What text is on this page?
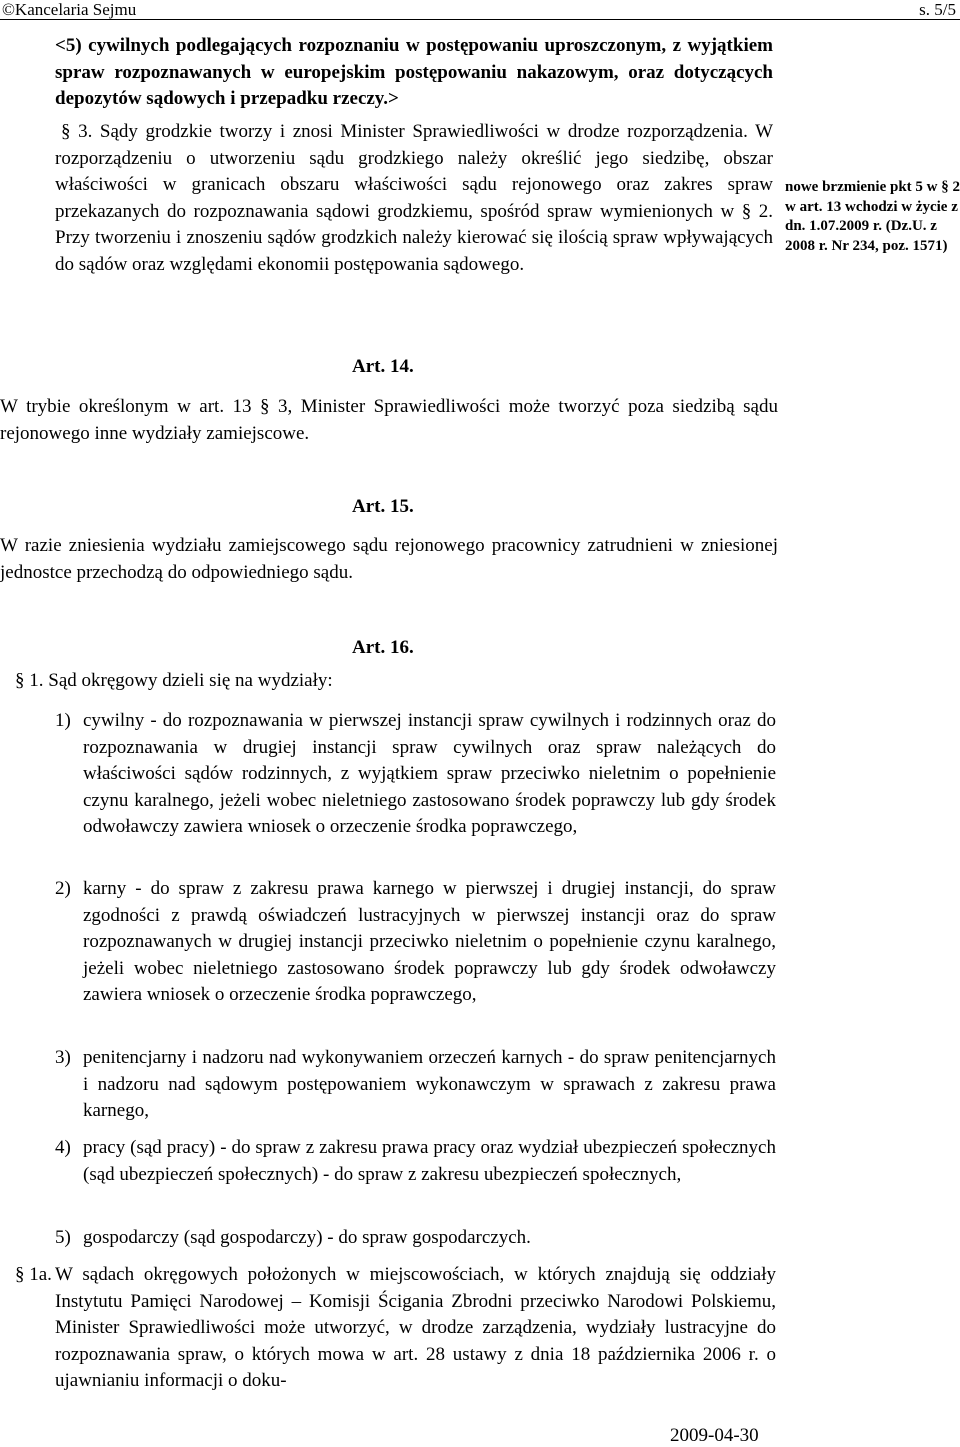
©Kancelaria Sejmu	s. 5/5
<5) cywilnych podlegających rozpoznaniu w postępowaniu uproszczonym, z wyjątkiem spraw rozpoznawanych w europejskim postępowaniu nakazowym, oraz dotyczących depozytów sądowych i przepadku rzeczy.>
§ 3. Sądy grodzkie tworzy i znosi Minister Sprawiedliwości w drodze rozporządzenia. W rozporządzeniu o utworzeniu sądu grodzkiego należy określić jego siedzibę, obszar właściwości w granicach obszaru właściwości sądu rejonowego oraz zakres spraw przekazanych do rozpoznawania sądowi grodzkiemu, spośród spraw wymienionych w § 2. Przy tworzeniu i znoszeniu sądów grodzkich należy kierować się ilością spraw wpływających do sądów oraz względami ekonomii postępowania sądowego.
nowe brzmienie pkt 5 w § 2 w art. 13 wchodzi w życie z dn. 1.07.2009 r. (Dz.U. z 2008 r. Nr 234, poz. 1571)
Art. 14.
W trybie określonym w art. 13 § 3, Minister Sprawiedliwości może tworzyć poza siedzibą sądu rejonowego inne wydziały zamiejscowe.
Art. 15.
W razie zniesienia wydziału zamiejscowego sądu rejonowego pracownicy zatrudnieni w zniesionej jednostce przechodzą do odpowiedniego sądu.
Art. 16.
§ 1. Sąd okręgowy dzieli się na wydziały:
1) cywilny - do rozpoznawania w pierwszej instancji spraw cywilnych i rodzinnych oraz do rozpoznawania w drugiej instancji spraw cywilnych oraz spraw należących do właściwości sądów rodzinnych, z wyjątkiem spraw przeciwko nieletnim o popełnienie czynu karalnego, jeżeli wobec nieletniego zastosowano środek poprawczy lub gdy środek odwoławczy zawiera wniosek o orzeczenie środka poprawczego,
2) karny - do spraw z zakresu prawa karnego w pierwszej i drugiej instancji, do spraw zgodności z prawdą oświadczeń lustracyjnych w pierwszej instancji oraz do spraw rozpoznawanych w drugiej instancji przeciwko nieletnim o popełnienie czynu karalnego, jeżeli wobec nieletniego zastosowano środek poprawczy lub gdy środek odwoławczy zawiera wniosek o orzeczenie środka poprawczego,
3) penitencjarny i nadzoru nad wykonywaniem orzeczeń karnych - do spraw penitencjarnych i nadzoru nad sądowym postępowaniem wykonawczym w sprawach z zakresu prawa karnego,
4) pracy (sąd pracy) - do spraw z zakresu prawa pracy oraz wydział ubezpieczeń społecznych (sąd ubezpieczeń społecznych) - do spraw z zakresu ubezpieczeń społecznych,
5) gospodarczy (sąd gospodarczy) - do spraw gospodarczych.
§ 1a. W sądach okręgowych położonych w miejscowościach, w których znajdują się oddziały Instytutu Pamięci Narodowej – Komisji Ścigania Zbrodni przeciwko Narodowi Polskiemu, Minister Sprawiedliwości może utworzyć, w drodze zarządzenia, wydziały lustracyjne do rozpoznawania spraw, o których mowa w art. 28 ustawy z dnia 18 października 2006 r. o ujawnianiu informacji o doku-
2009-04-30
